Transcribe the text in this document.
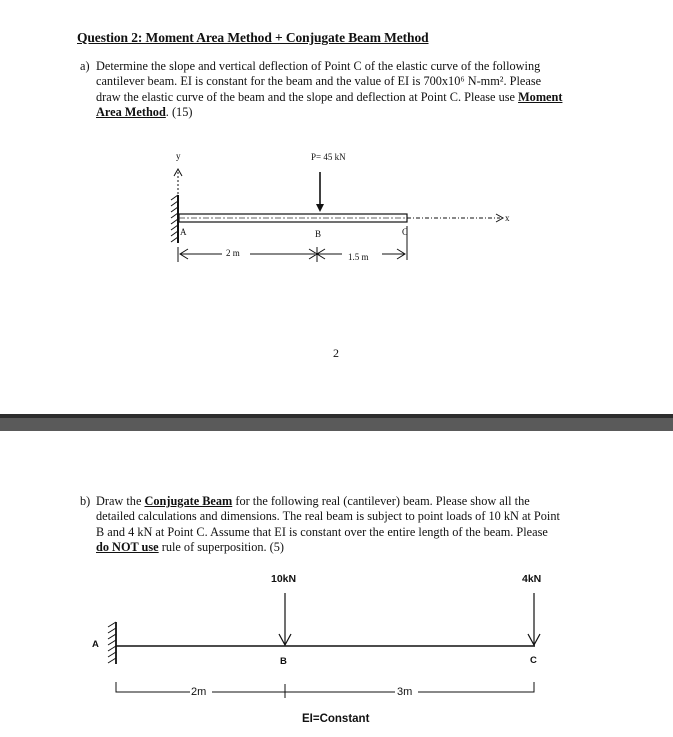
Question 2: Moment Area Method + Conjugate Beam Method
a) Determine the slope and vertical deflection of Point C of the elastic curve of the following
cantilever beam. EI is constant for the beam and the value of EI is 700x10⁶ N-mm². Please
draw the elastic curve of the beam and the slope and deflection at Point C. Please use Moment
Area Method. (15)
y	P= 45 kN
A	B	C
x
2 m	1.5 m
2
b) Draw the Conjugate Beam for the following real (cantilever) beam. Please show all the
detailed calculations and dimensions. The real beam is subject to point loads of 10 kN at Point
B and 4 kN at Point C. Assume that EI is constant over the entire length of the beam. Please
do NOT use rule of superposition. (5)
10kN	4kN
A
B	C
2m	3m
EI=Constant
